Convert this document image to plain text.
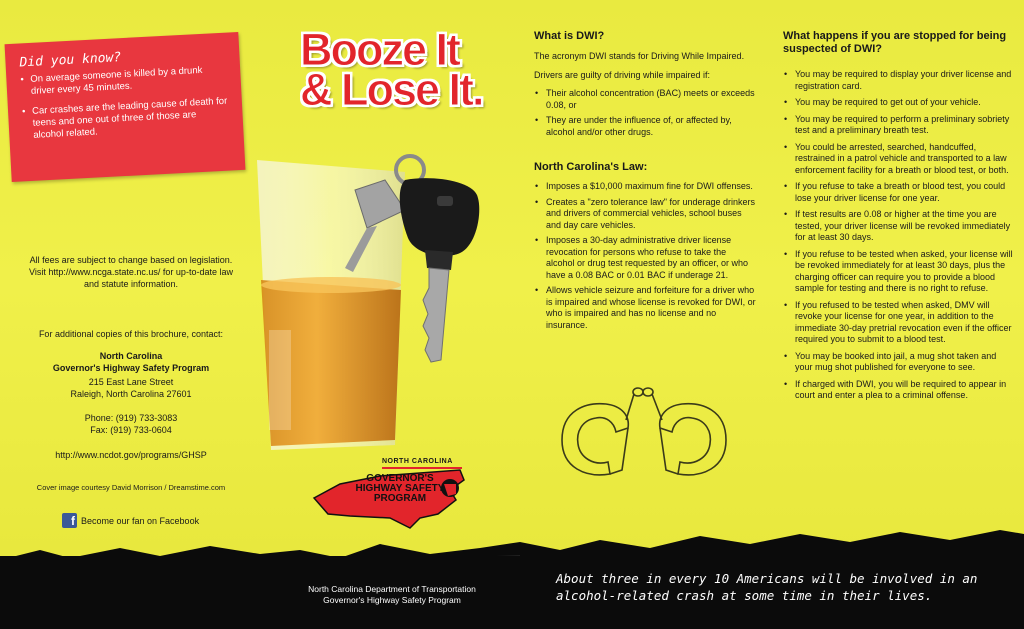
Did you know?
• On average someone is killed by a drunk driver every 45 minutes.
• Car crashes are the leading cause of death for teens and one out of three of those are alcohol related.
All fees are subject to change based on legislation. Visit http://www.ncga.state.nc.us/ for up-to-date law and statute information.
For additional copies of this brochure, contact:
North Carolina
Governor's Highway Safety Program
215 East Lane Street
Raleigh, North Carolina 27601
Phone: (919) 733-3083
Fax: (919) 733-0604
http://www.ncdot.gov/programs/GHSP
Cover image courtesy David Morrison / Dreamstime.com
f Become our fan on Facebook
Booze It
& Lose It.
NORTH CAROLINA
GOVERNOR'S
HIGHWAY SAFETY
PROGRAM
What is DWI?
The acronym DWI stands for Driving While Impaired.
Drivers are guilty of driving while impaired if:
• Their alcohol concentration (BAC) meets or exceeds 0.08, or
• They are under the influence of, or affected by, alcohol and/or other drugs.
North Carolina's Law:
• Imposes a $10,000 maximum fine for DWI offenses.
• Creates a "zero tolerance law" for underage drinkers and drivers of commercial vehicles, school buses and day care vehicles.
• Imposes a 30-day administrative driver license revocation for persons who refuse to take the alcohol or drug test requested by an officer, or who have a 0.08 BAC or 0.01 BAC if underage 21.
• Allows vehicle seizure and forfeiture for a driver who is impaired and whose license is revoked for DWI, or who is impaired and has no license and no insurance.
What happens if you are stopped for being suspected of DWI?
• You may be required to display your driver license and registration card.
• You may be required to get out of your vehicle.
• You may be required to perform a preliminary sobriety test and a preliminary breath test.
• You could be arrested, searched, handcuffed, restrained in a patrol vehicle and transported to a law enforcement facility for a breath or blood test, or both.
• If you refuse to take a breath or blood test, you could lose your driver license for one year.
• If test results are 0.08 or higher at the time you are tested, your driver license will be revoked immediately for at least 30 days.
• If you refuse to be tested when asked, your license will be revoked immediately for at least 30 days, plus the charging officer can require you to provide a blood sample for testing and there is no right to refuse.
• If you refused to be tested when asked, DMV will revoke your license for one year, in addition to the immediate 30-day pretrial revocation even if the officer required you to submit to a blood test.
• You may be booked into jail, a mug shot taken and your mug shot published for everyone to see.
• If charged with DWI, you will be required to appear in court and enter a plea to a criminal offense.
North Carolina Department of Transportation
Governor's Highway Safety Program
About three in every 10 Americans will be involved in an alcohol-related crash at some time in their lives.
